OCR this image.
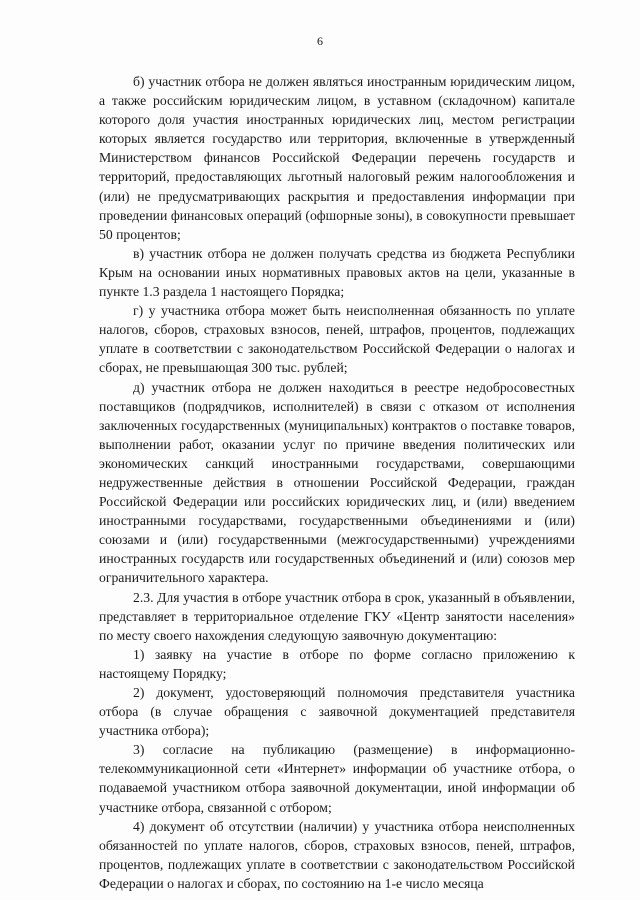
6

б) участник отбора не должен являться иностранным юридическим лицом, а также российским юридическим лицом, в уставном (складочном) капитале которого доля участия иностранных юридических лиц, местом регистрации которых является государство или территория, включенные в утвержденный Министерством финансов Российской Федерации перечень государств и территорий, предоставляющих льготный налоговый режим налогообложения и (или) не предусматривающих раскрытия и предоставления информации при проведении финансовых операций (офшорные зоны), в совокупности превышает 50 процентов;

в) участник отбора не должен получать средства из бюджета Республики Крым на основании иных нормативных правовых актов на цели, указанные в пункте 1.3 раздела 1 настоящего Порядка;

г) у участника отбора может быть неисполненная обязанность по уплате налогов, сборов, страховых взносов, пеней, штрафов, процентов, подлежащих уплате в соответствии с законодательством Российской Федерации о налогах и сборах, не превышающая 300 тыс. рублей;

д) участник отбора не должен находиться в реестре недобросовестных поставщиков (подрядчиков, исполнителей) в связи с отказом от исполнения заключенных государственных (муниципальных) контрактов о поставке товаров, выполнении работ, оказании услуг по причине введения политических или экономических санкций иностранными государствами, совершающими недружественные действия в отношении Российской Федерации, граждан Российской Федерации или российских юридических лиц, и (или) введением иностранными государствами, государственными объединениями и (или) союзами и (или) государственными (межгосударственными) учреждениями иностранных государств или государственных объединений и (или) союзов мер ограничительного характера.

2.3. Для участия в отборе участник отбора в срок, указанный в объявлении, представляет в территориальное отделение ГКУ «Центр занятости населения» по месту своего нахождения следующую заявочную документацию:

1) заявку на участие в отборе по форме согласно приложению к настоящему Порядку;

2) документ, удостоверяющий полномочия представителя участника отбора (в случае обращения с заявочной документацией представителя участника отбора);

3) согласие на публикацию (размещение) в информационно-телекоммуникационной сети «Интернет» информации об участнике отбора, о подаваемой участником отбора заявочной документации, иной информации об участнике отбора, связанной с отбором;

4) документ об отсутствии (наличии) у участника отбора неисполненных обязанностей по уплате налогов, сборов, страховых взносов, пеней, штрафов, процентов, подлежащих уплате в соответствии с законодательством Российской Федерации о налогах и сборах, по состоянию на 1-е число месяца
